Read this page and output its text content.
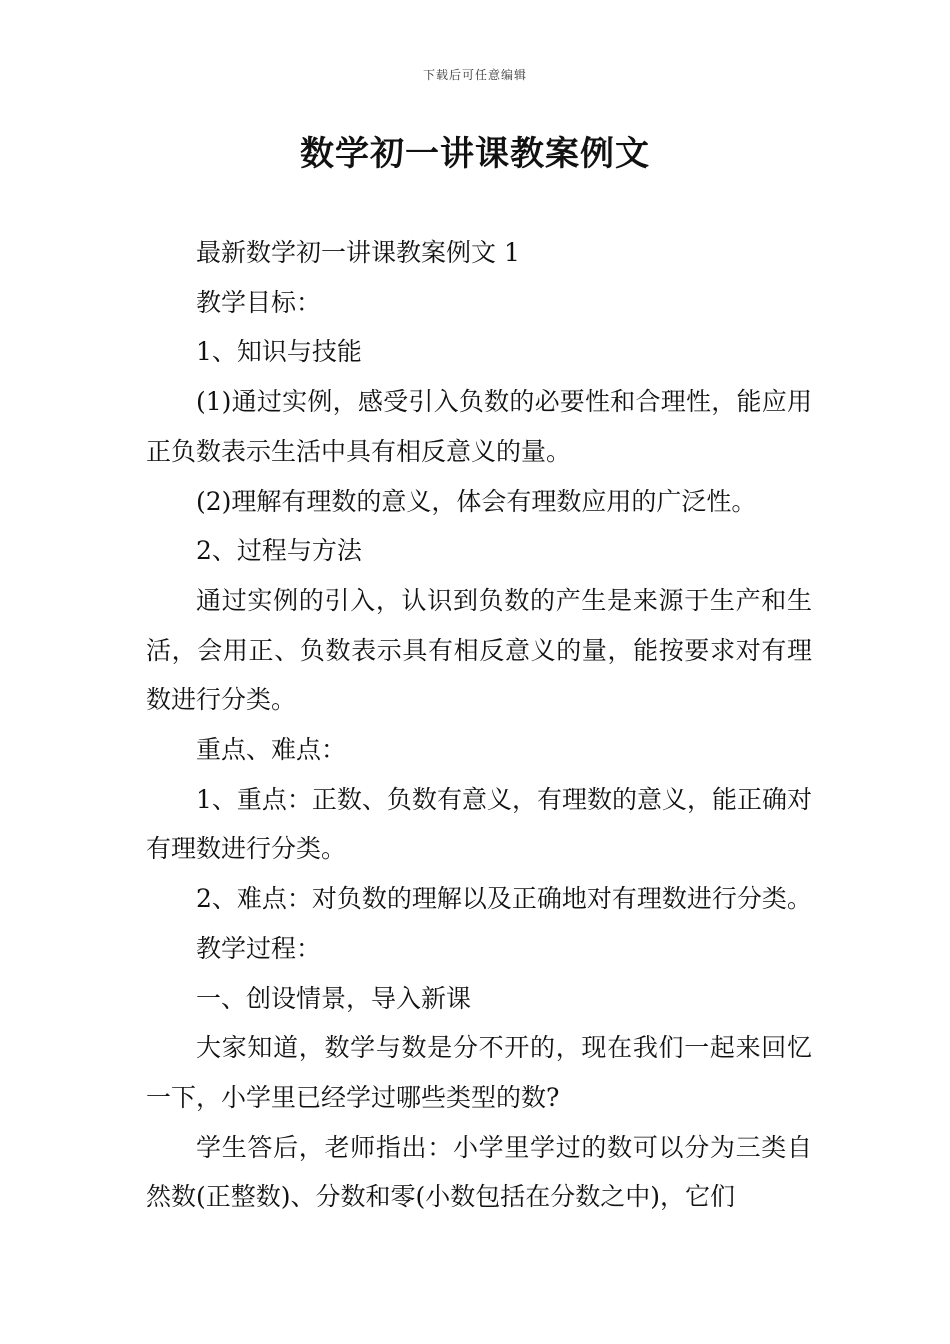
下载后可任意编辑
数学初一讲课教案例文

最新数学初一讲课教案例文 1

教学目标：

1、知识与技能

(1)通过实例，感受引入负数的必要性和合理性，能应用正负数表示生活中具有相反意义的量。

(2)理解有理数的意义，体会有理数应用的广泛性。

2、过程与方法

通过实例的引入，认识到负数的产生是来源于生产和生活，会用正、负数表示具有相反意义的量，能按要求对有理数进行分类。

重点、难点：

1、重点：正数、负数有意义，有理数的意义，能正确对有理数进行分类。

2、难点：对负数的理解以及正确地对有理数进行分类。

教学过程：

一、创设情景，导入新课

大家知道，数学与数是分不开的，现在我们一起来回忆一下，小学里已经学过哪些类型的数?

学生答后，老师指出：小学里学过的数可以分为三类自然数(正整数)、分数和零(小数包括在分数之中)，它们
